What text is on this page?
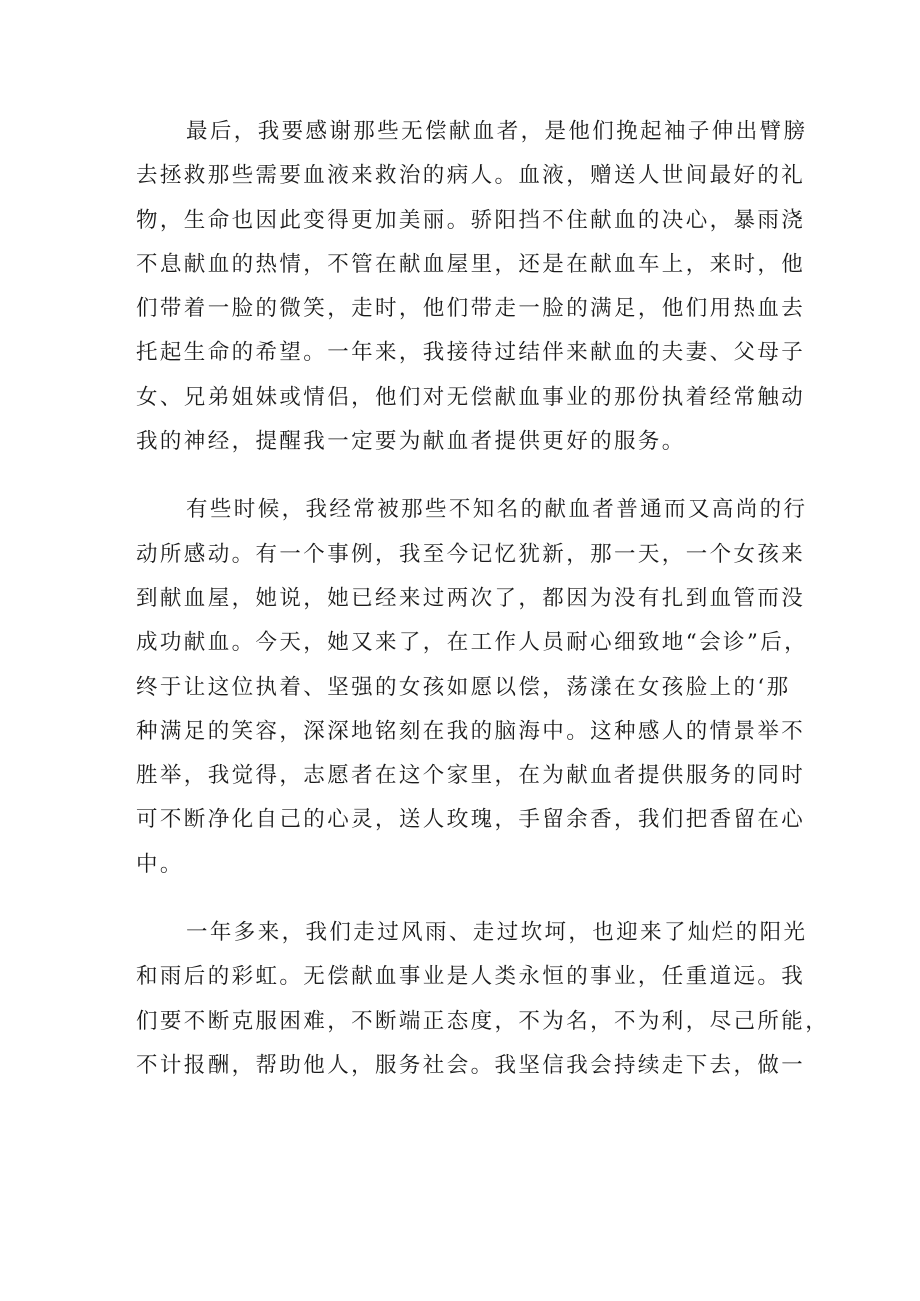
最后，我要感谢那些无偿献血者，是他们挽起袖子伸出臂膀
去拯救那些需要血液来救治的病人。血液，赠送人世间最好的礼
物，生命也因此变得更加美丽。骄阳挡不住献血的决心，暴雨浇
不息献血的热情，不管在献血屋里，还是在献血车上，来时，他
们带着一脸的微笑，走时，他们带走一脸的满足，他们用热血去
托起生命的希望。一年来，我接待过结伴来献血的夫妻、父母子
女、兄弟姐妹或情侣，他们对无偿献血事业的那份执着经常触动
我的神经，提醒我一定要为献血者提供更好的服务。

有些时候，我经常被那些不知名的献血者普通而又高尚的行
动所感动。有一个事例，我至今记忆犹新，那一天，一个女孩来
到献血屋，她说，她已经来过两次了，都因为没有扎到血管而没
成功献血。今天，她又来了，在工作人员耐心细致地“会诊”后，
终于让这位执着、坚强的女孩如愿以偿，荡漾在女孩脸上的‘那
种满足的笑容，深深地铭刻在我的脑海中。这种感人的情景举不
胜举，我觉得，志愿者在这个家里，在为献血者提供服务的同时
可不断净化自己的心灵，送人玫瑰，手留余香，我们把香留在心
中。

一年多来，我们走过风雨、走过坎坷，也迎来了灿烂的阳光
和雨后的彩虹。无偿献血事业是人类永恒的事业，任重道远。我
们要不断克服困难，不断端正态度，不为名，不为利，尽己所能，
不计报酬，帮助他人，服务社会。我坚信我会持续走下去，做一
